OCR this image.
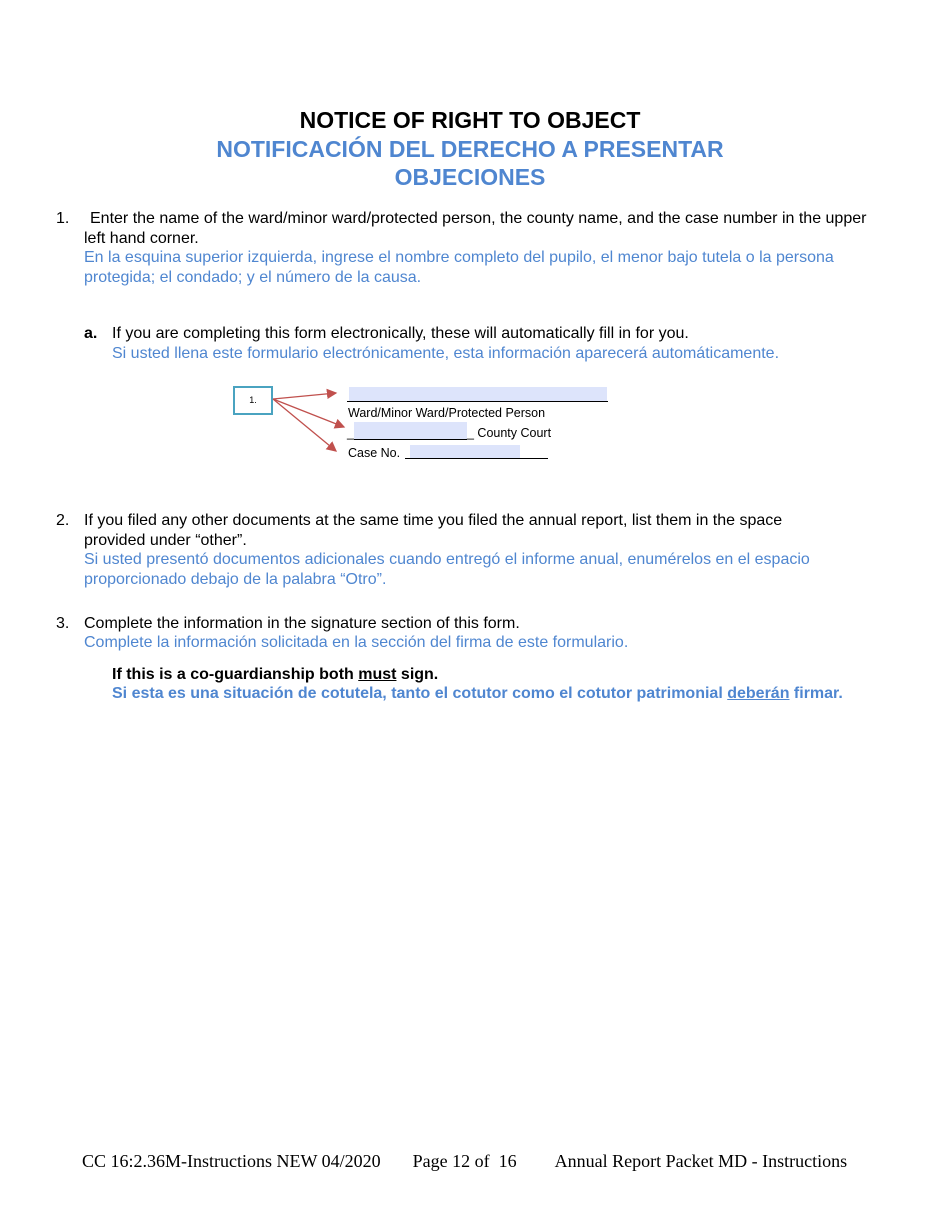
NOTICE OF RIGHT TO OBJECT
NOTIFICACIÓN DEL DERECHO A PRESENTAR
OBJECIONES
1.	Enter the name of the ward/minor ward/protected person, the county name, and the case number in the upper left hand corner.
En la esquina superior izquierda, ingrese el nombre completo del pupilo, el menor bajo tutela o la persona protegida; el condado; y el número de la causa.
a. If you are completing this form electronically, these will automatically fill in for you.
Si usted llena este formulario electrónicamente, esta información aparecerá automáticamente.
1.
Ward/Minor Ward/Protected Person
_	_ County Court
Case No.
2. If you filed any other documents at the same time you filed the annual report, list them in the space provided under “other”.
Si usted presentó documentos adicionales cuando entregó el informe anual, enumérelos en el espacio proporcionado debajo de la palabra “Otro”.
3. Complete the information in the signature section of this form.
Complete la información solicitada en la sección del firma de este formulario.
If this is a co-guardianship both must sign.
Si esta es una situación de cotutela, tanto el cotutor como el cotutor patrimonial deberán firmar.
CC 16:2.36M-Instructions NEW 04/2020 Page 12 of  16 Annual Report Packet MD - Instructions
